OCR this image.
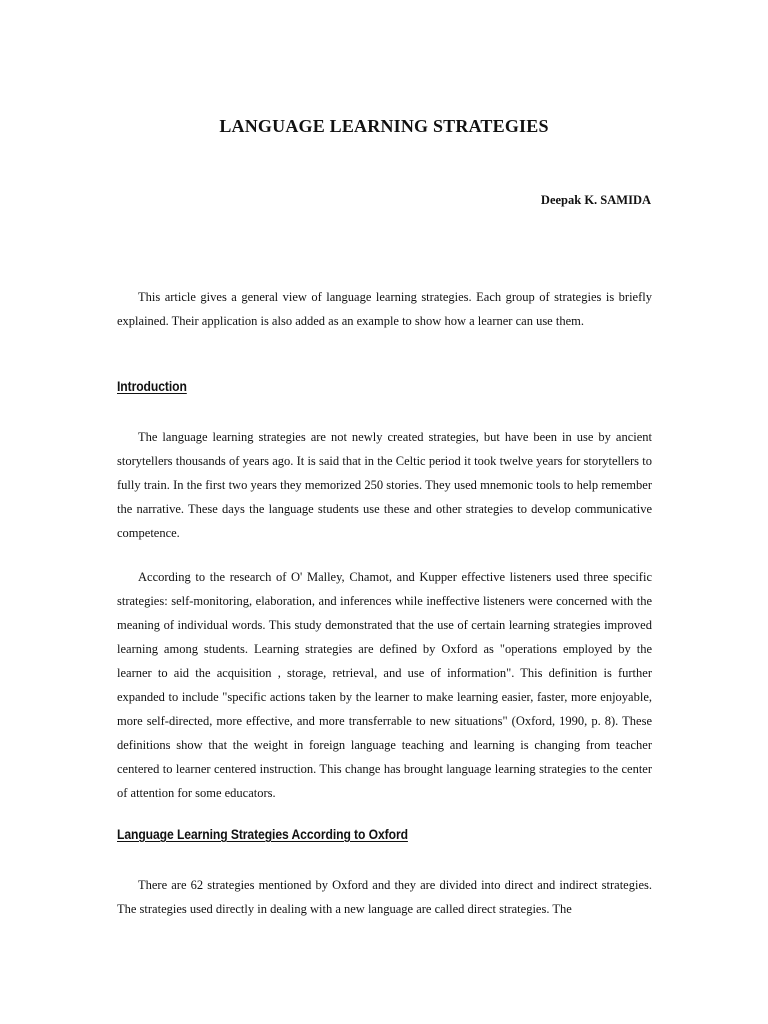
LANGUAGE LEARNING STRATEGIES

Deepak K. SAMIDA

This article gives a general view of language learning strategies. Each group of strategies is briefly explained. Their application is also added as an example to show how a learner can use them.

Introduction

The language learning strategies are not newly created strategies, but have been in use by ancient storytellers thousands of years ago. It is said that in the Celtic period it took twelve years for storytellers to fully train. In the first two years they memorized 250 stories. They used mnemonic tools to help remember the narrative. These days the language students use these and other strategies to develop communicative competence.

According to the research of O' Malley, Chamot, and Kupper effective listeners used three specific strategies: self-monitoring, elaboration, and inferences while ineffective listeners were concerned with the meaning of individual words. This study demonstrated that the use of certain learning strategies improved learning among students. Learning strategies are defined by Oxford as "operations employed by the learner to aid the acquisition , storage, retrieval, and use of information". This definition is further expanded to include "specific actions taken by the learner to make learning easier, faster, more enjoyable, more self-directed, more effective, and more transferrable to new situations" (Oxford, 1990, p. 8). These definitions show that the weight in foreign language teaching and learning is changing from teacher centered to learner centered instruction. This change has brought language learning strategies to the center of attention for some educators.

Language Learning Strategies According to Oxford

There are 62 strategies mentioned by Oxford and they are divided into direct and indirect strategies. The strategies used directly in dealing with a new language are called direct strategies. The
